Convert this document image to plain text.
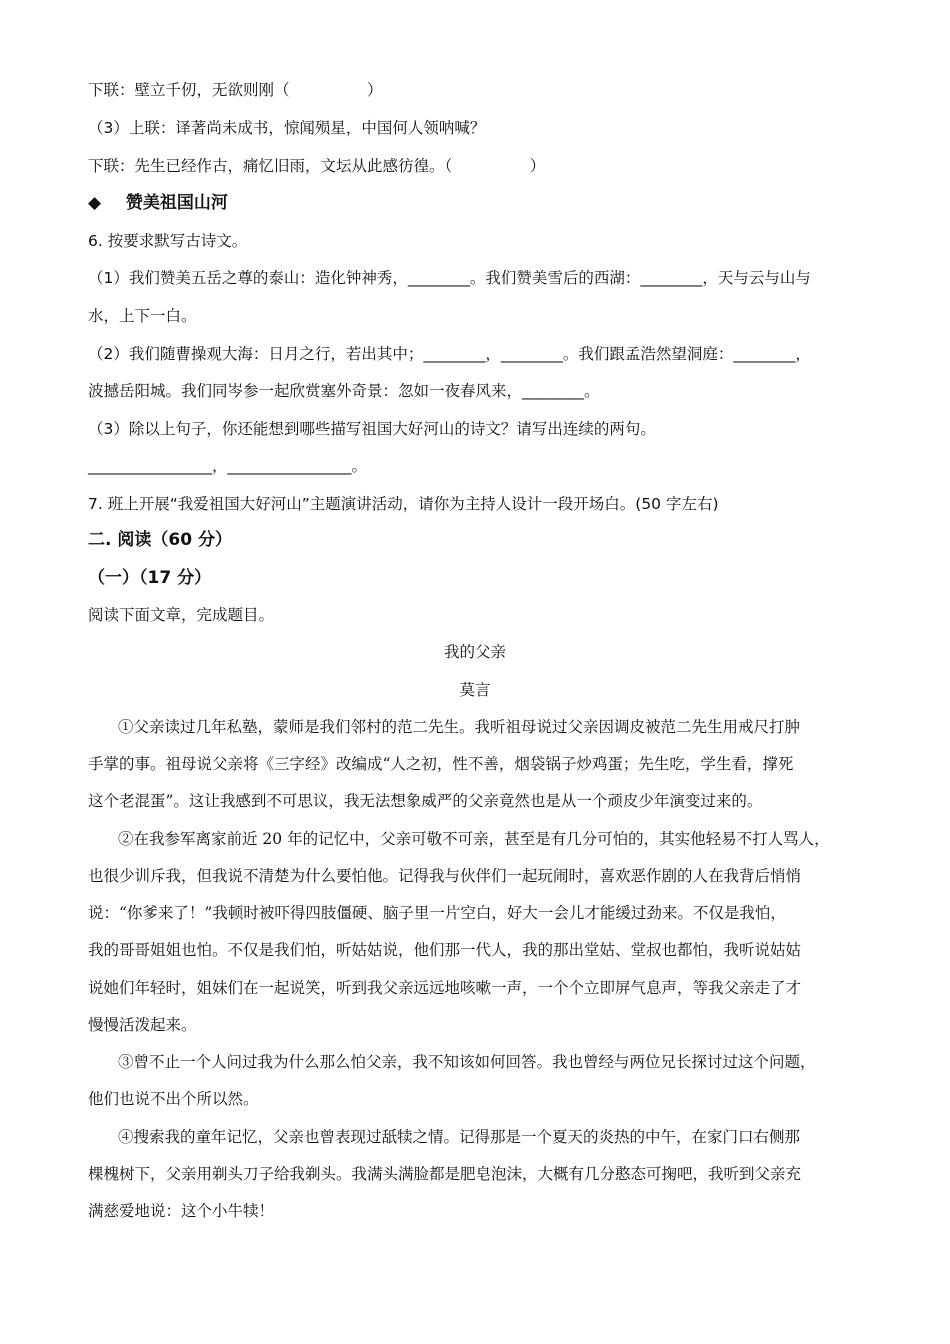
下联：壁立千仞，无欲则刚（　　　　　）
（3）上联：译著尚未成书，惊闻殒星，中国何人领呐喊？
下联：先生已经作古，痛忆旧雨，文坛从此感彷徨。（　　　　　）
◆ 赞美祖国山河
6. 按要求默写古诗文。
（1）我们赞美五岳之尊的泰山：造化钟神秀，________。我们赞美雪后的西湖：________，天与云与山与
水，上下一白。
（2）我们随曹操观大海：日月之行，若出其中；________，________。我们跟孟浩然望洞庭：________，
波撼岳阳城。我们同岑参一起欣赏塞外奇景：忽如一夜春风来，________。
（3）除以上句子，你还能想到哪些描写祖国大好河山的诗文？请写出连续的两句。
________________，________________。
7. 班上开展“我爱祖国大好河山”主题演讲活动，请你为主持人设计一段开场白。(50 字左右)
二. 阅读（60 分）
（一）（17 分）
阅读下面文章，完成题目。
我的父亲
莫言
①父亲读过几年私塾，蒙师是我们邻村的范二先生。我听祖母说过父亲因调皮被范二先生用戒尺打肿
手掌的事。祖母说父亲将《三字经》改编成“人之初，性不善，烟袋锅子炒鸡蛋；先生吃，学生看，撑死
这个老混蛋”。这让我感到不可思议，我无法想象威严的父亲竟然也是从一个顽皮少年演变过来的。
②在我参军离家前近 20 年的记忆中，父亲可敬不可亲，甚至是有几分可怕的，其实他轻易不打人骂人，
也很少训斥我，但我说不清楚为什么要怕他。记得我与伙伴们一起玩闹时，喜欢恶作剧的人在我背后悄悄
说：“你爹来了！”我顿时被吓得四肢僵硬、脑子里一片空白，好大一会儿才能缓过劲来。不仅是我怕，
我的哥哥姐姐也怕。不仅是我们怕，听姑姑说，他们那一代人，我的那出堂姑、堂叔也都怕，我听说姑姑
说她们年轻时，姐妹们在一起说笑，听到我父亲远远地咳嗽一声，一个个立即屏气息声，等我父亲走了才
慢慢活泼起来。
③曾不止一个人问过我为什么那么怕父亲，我不知该如何回答。我也曾经与两位兄长探讨过这个问题，
他们也说不出个所以然。
④搜索我的童年记忆，父亲也曾表现过舐犊之情。记得那是一个夏天的炎热的中午，在家门口右侧那
棵槐树下，父亲用剃头刀子给我剃头。我满头满脸都是肥皂泡沫，大概有几分憨态可掬吧，我听到父亲充
满慈爱地说：这个小牛犊！
